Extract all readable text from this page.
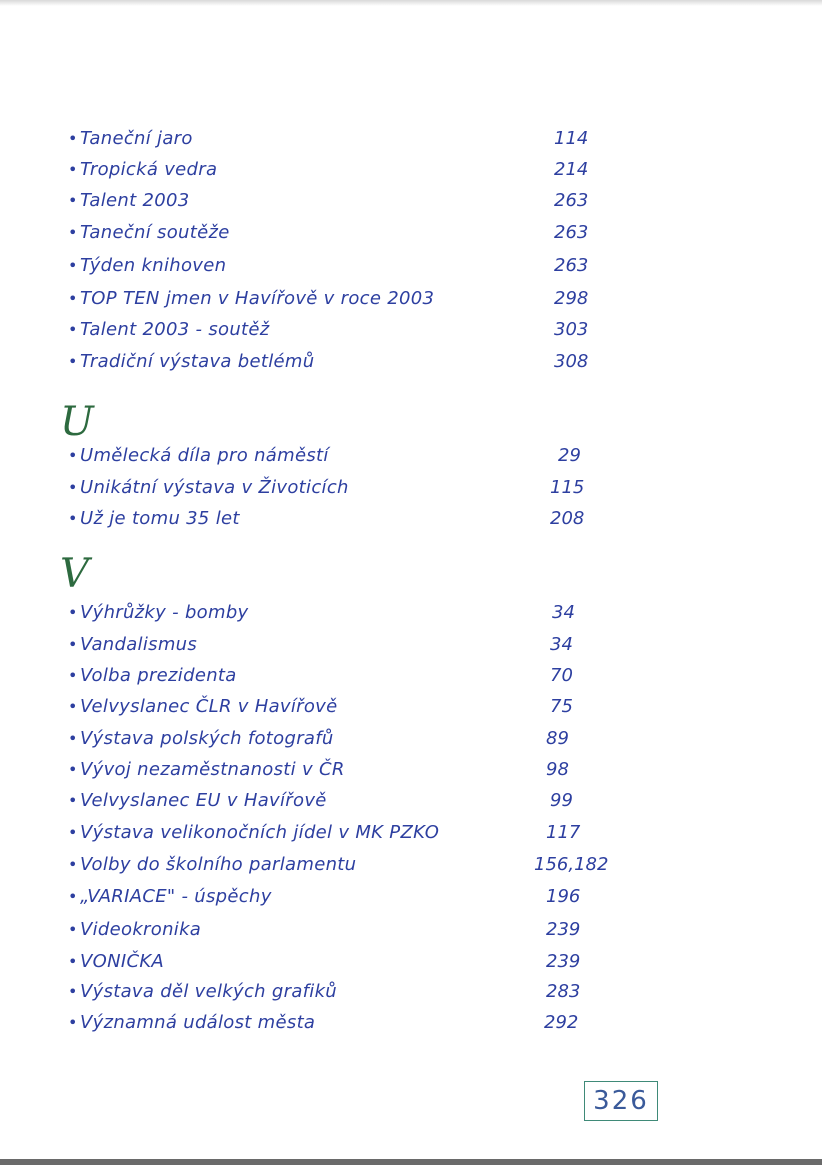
• Taneční jaro	114
• Tropická vedra	214
• Talent 2003	263
• Taneční soutěže	263
• Týden knihoven	263
• TOP TEN jmen v Havířově v roce 2003	298
• Talent 2003 - soutěž	303
• Tradiční výstava betlémů	308
U
• Umělecká díla pro náměstí	29
• Unikátní výstava v Životicích	115
• Už je tomu 35 let	208
V
• Výhrůžky - bomby	34
• Vandalismus	34
• Volba prezidenta	70
• Velvyslanec ČLR v Havířově	75
• Výstava polských fotografů	89
• Vývoj nezaměstnanosti v ČR	98
• Velvyslanec EU v Havířově	99
• Výstava velikonočních jídel v MK PZKO	117
• Volby do školního parlamentu	156,182
• „VARIACE" - úspěchy	196
• Videokronika	239
• VONIČKA	239
• Výstava děl velkých grafiků	283
• Významná událost města	292
326
